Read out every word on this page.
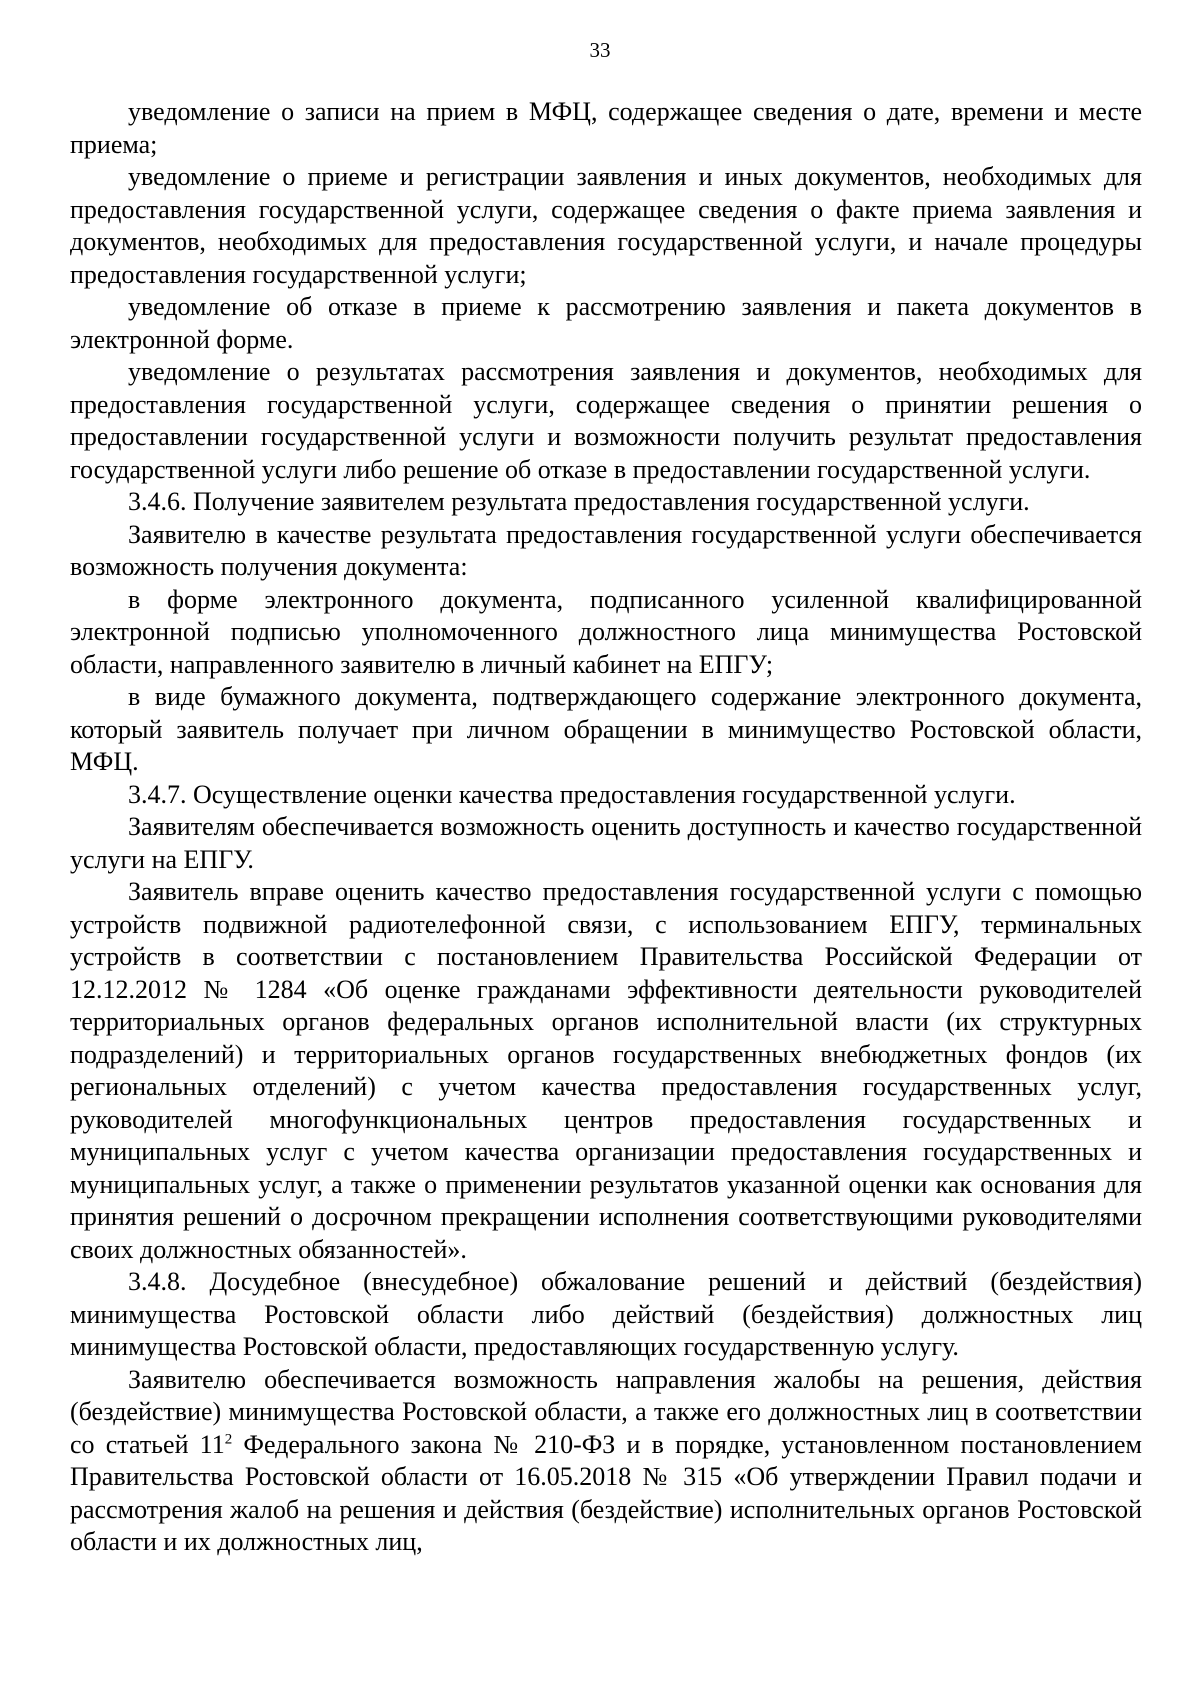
33

уведомление о записи на прием в МФЦ, содержащее сведения о дате, времени и месте приема;

уведомление о приеме и регистрации заявления и иных документов, необходимых для предоставления государственной услуги, содержащее сведения о факте приема заявления и документов, необходимых для предоставления государственной услуги, и начале процедуры предоставления государственной услуги;

уведомление об отказе в приеме к рассмотрению заявления и пакета документов в электронной форме.

уведомление о результатах рассмотрения заявления и документов, необходимых для предоставления государственной услуги, содержащее сведения о принятии решения о предоставлении государственной услуги и возможности получить результат предоставления государственной услуги либо решение об отказе в предоставлении государственной услуги.

3.4.6. Получение заявителем результата предоставления государственной услуги.

Заявителю в качестве результата предоставления государственной услуги обеспечивается возможность получения документа:

в форме электронного документа, подписанного усиленной квалифицированной электронной подписью уполномоченного должностного лица минимущества Ростовской области, направленного заявителю в личный кабинет на ЕПГУ;

в виде бумажного документа, подтверждающего содержание электронного документа, который заявитель получает при личном обращении в минимущество Ростовской области, МФЦ.

3.4.7. Осуществление оценки качества предоставления государственной услуги.

Заявителям обеспечивается возможность оценить доступность и качество государственной услуги на ЕПГУ.

Заявитель вправе оценить качество предоставления государственной услуги с помощью устройств подвижной радиотелефонной связи, с использованием ЕПГУ, терминальных устройств в соответствии с постановлением Правительства Российской Федерации от 12.12.2012 № 1284 «Об оценке гражданами эффективности деятельности руководителей территориальных органов федеральных органов исполнительной власти (их структурных подразделений) и территориальных органов государственных внебюджетных фондов (их региональных отделений) с учетом качества предоставления государственных услуг, руководителей многофункциональных центров предоставления государственных и муниципальных услуг с учетом качества организации предоставления государственных и муниципальных услуг, а также о применении результатов указанной оценки как основания для принятия решений о досрочном прекращении исполнения соответствующими руководителями своих должностных обязанностей».

3.4.8. Досудебное (внесудебное) обжалование решений и действий (бездействия) минимущества Ростовской области либо действий (бездействия) должностных лиц минимущества Ростовской области, предоставляющих государственную услугу.

Заявителю обеспечивается возможность направления жалобы на решения, действия (бездействие) минимущества Ростовской области, а также его должностных лиц в соответствии со статьей $11^2$ Федерального закона № 210-ФЗ и в порядке, установленном постановлением Правительства Ростовской области от 16.05.2018 № 315 «Об утверждении Правил подачи и рассмотрения жалоб на решения и действия (бездействие) исполнительных органов Ростовской области и их должностных лиц,
